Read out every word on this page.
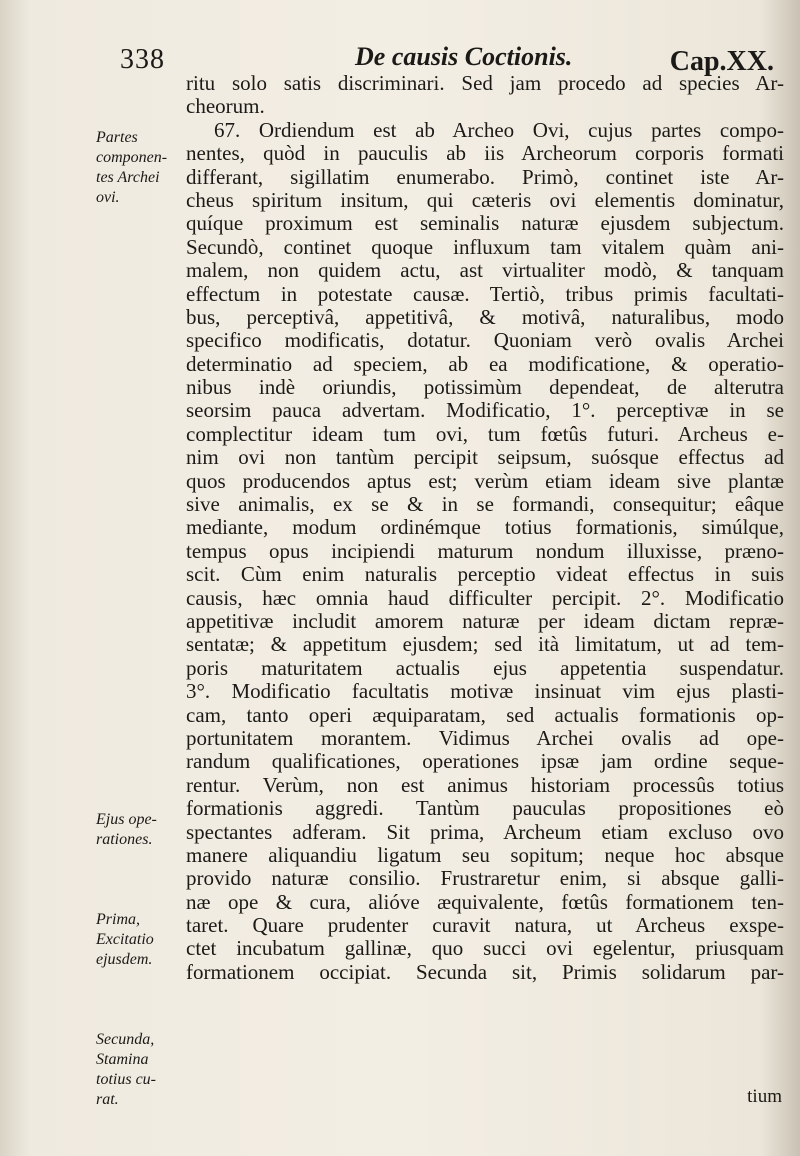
338	De causis Coctionis.	Cap.XX.
ritu solo satis discriminari. Sed jam procedo ad species Ar-
cheorum.
67. Ordiendum est ab Archeo Ovi, cujus partes compo-
nentes, quòd in pauculis ab iis Archeorum corporis formati
differant, sigillatim enumerabo. Primò, continet iste Ar-
cheus spiritum insitum, qui cæteris ovi elementis dominatur,
quíque proximum est seminalis naturæ ejusdem subjectum.
Secundò, continet quoque influxum tam vitalem quàm ani-
malem, non quidem actu, ast virtualiter modò, & tanquam
effectum in potestate causæ. Tertiò, tribus primis facultati-
bus, perceptivâ, appetitivâ, & motivâ, naturalibus, modo
specifico modificatis, dotatur. Quoniam verò ovalis Archei
determinatio ad speciem, ab ea modificatione, & operatio-
nibus indè oriundis, potissimùm dependeat, de alterutra
seorsim pauca advertam. Modificatio, 1°. perceptivæ in se
complectitur ideam tum ovi, tum fœtûs futuri. Archeus e-
nim ovi non tantùm percipit seipsum, suósque effectus ad
quos producendos aptus est; verùm etiam ideam sive plantæ
sive animalis, ex se & in se formandi, consequitur; eâque
mediante, modum ordinémque totius formationis, simúlque,
tempus opus incipiendi maturum nondum illuxisse, præno-
scit. Cùm enim naturalis perceptio videat effectus in suis
causis, hæc omnia haud difficulter percipit. 2°. Modificatio
appetitivæ includit amorem naturæ per ideam dictam repræ-
sentatæ; & appetitum ejusdem; sed ità limitatum, ut ad tem-
poris maturitatem actualis ejus appetentia suspendatur.
3°. Modificatio facultatis motivæ insinuat vim ejus plasti-
cam, tanto operi æquiparatam, sed actualis formationis op-
portunitatem morantem. Vidimus Archei ovalis ad ope-
randum qualificationes, operationes ipsæ jam ordine seque-
rentur. Verùm, non est animus historiam processûs totius
formationis aggredi. Tantùm pauculas propositiones eò
spectantes adferam. Sit prima, Archeum etiam excluso ovo
manere aliquandiu ligatum seu sopitum; neque hoc absque
provido naturæ consilio. Frustraretur enim, si absque galli-
næ ope & cura, alióve æquivalente, fœtûs formationem ten-
taret. Quare prudenter curavit natura, ut Archeus exspe-
ctet incubatum gallinæ, quo succi ovi egelentur, priusquam
formationem occipiat. Secunda sit, Primis solidarum par-
Partes
componen-
tes Archei
ovi.
Ejus ope-
rationes.
Prima,
Excitatio
ejusdem.
Secunda,
Stamina
totius cu-
rat.	tium
